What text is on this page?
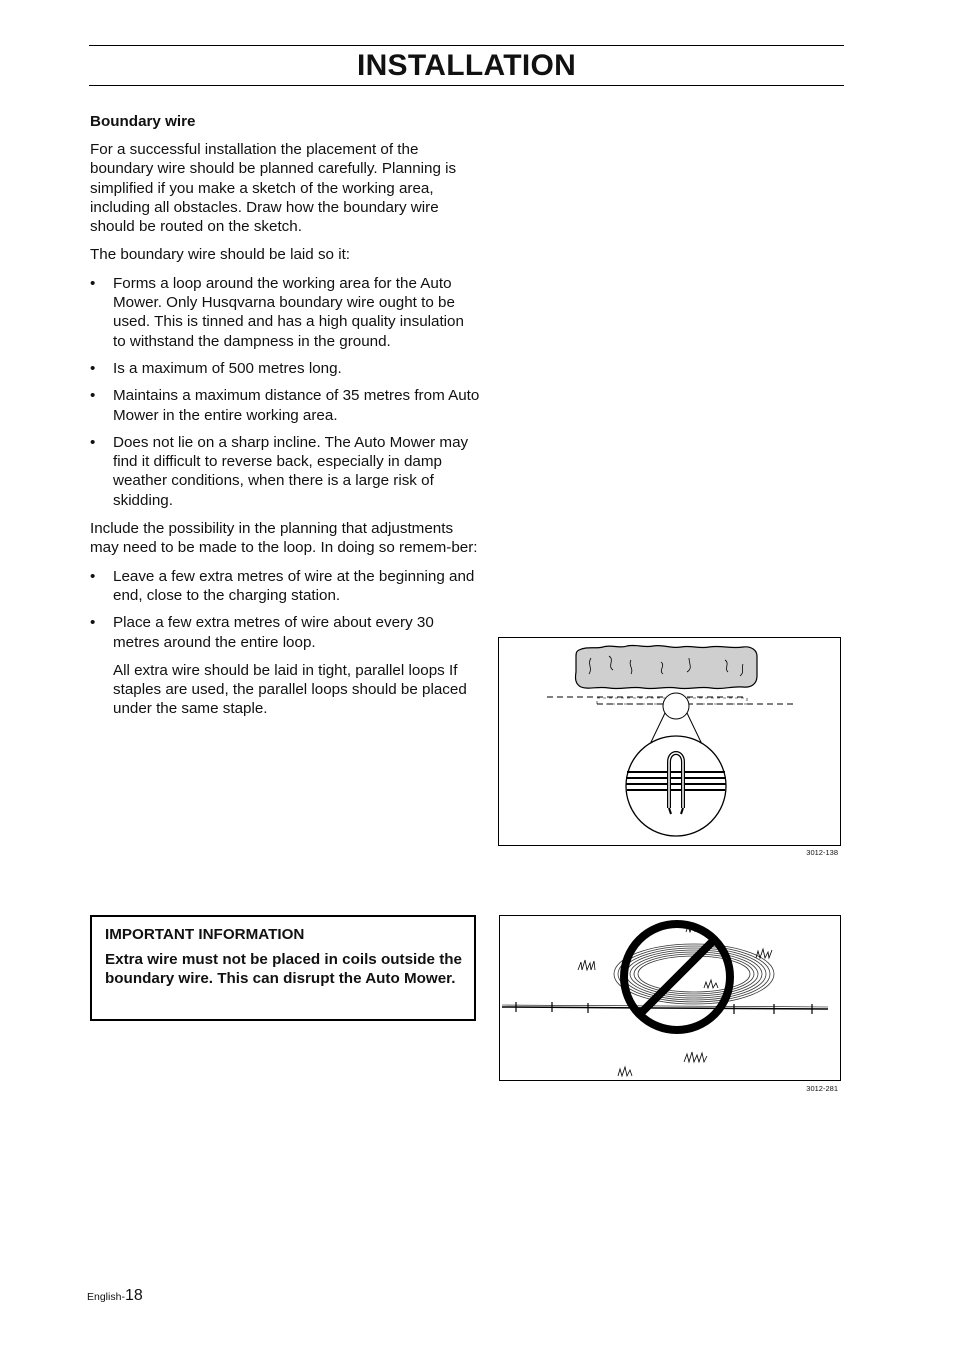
INSTALLATION
Boundary wire

For a successful installation the placement of the boundary wire should be planned carefully. Planning is simplified if you make a sketch of the working area, including all obstacles. Draw how the boundary wire should be routed on the sketch.

The boundary wire should be laid so it:

• Forms a loop around the working area for the Auto Mower. Only Husqvarna boundary wire ought to be used. This is tinned and has a high quality insulation to withstand the dampness in the ground.
• Is a maximum of 500 metres long.
• Maintains a maximum distance of 35 metres from Auto Mower in the entire working area.
• Does not lie on a sharp incline. The Auto Mower may find it difficult to reverse back, especially in damp weather conditions, when there is a large risk of skidding.

Include the possibility in the planning that adjustments may need to be made to the loop. In doing so remem-ber:

• Leave a few extra metres of wire at the beginning and end, close to the charging station.
• Place a few extra metres of wire about every 30 metres around the entire loop.

All extra wire should be laid in tight, parallel loops If staples are used, the parallel loops should be placed under the same staple.

3012-138
IMPORTANT INFORMATION
Extra wire must not be placed in coils outside the boundary wire. This can disrupt the Auto Mower.
3012-281
English-18
